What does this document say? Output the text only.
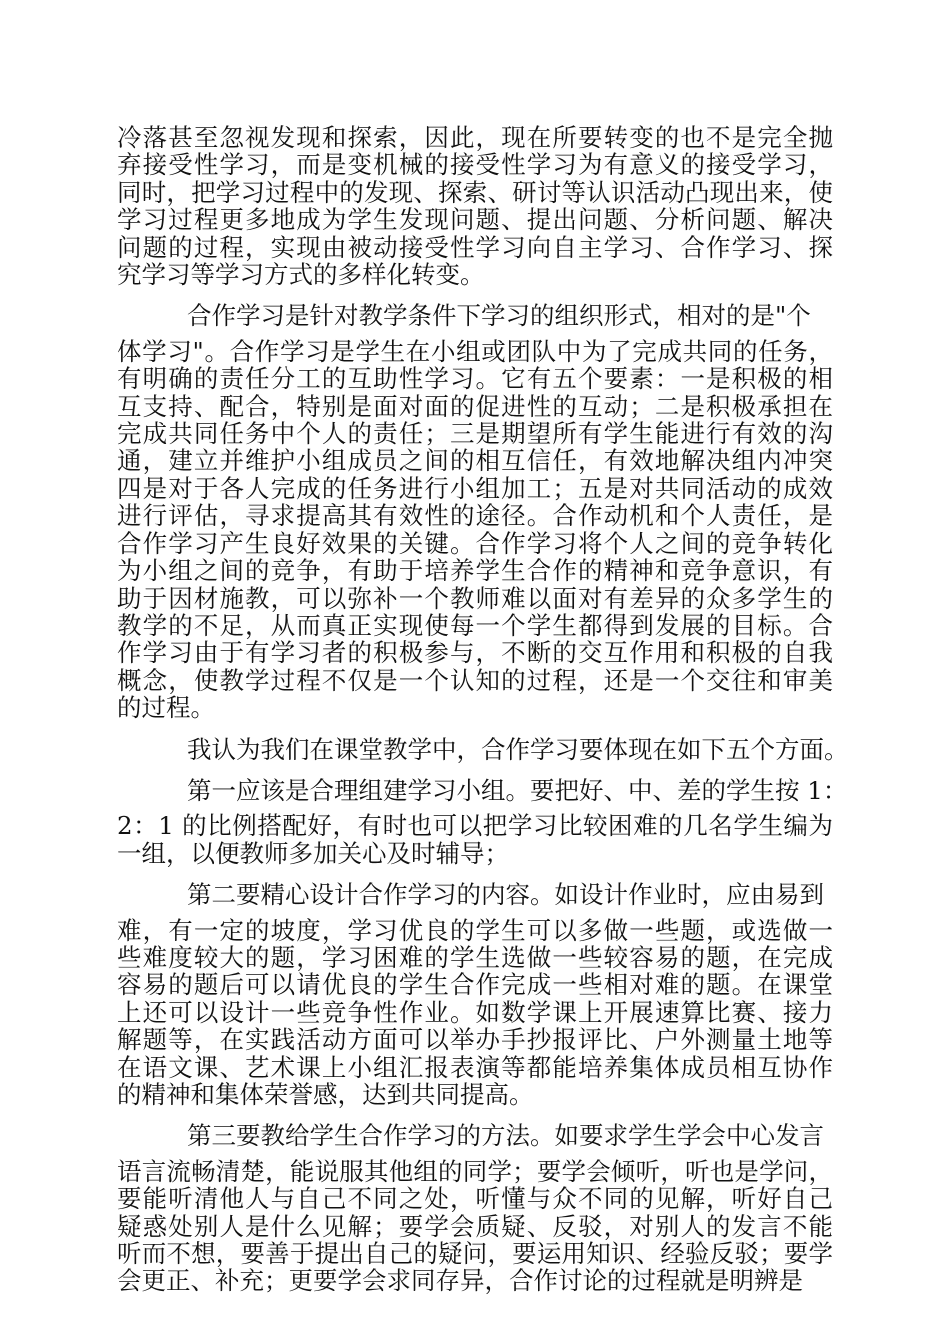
冷落甚至忽视发现和探索，因此，现在所要转变的也不是完全抛
弃接受性学习，而是变机械的接受性学习为有意义的接受学习，
同时，把学习过程中的发现、探索、研讨等认识活动凸现出来，使
学习过程更多地成为学生发现问题、提出问题、分析问题、解决
问题的过程，实现由被动接受性学习向自主学习、合作学习、探
究学习等学习方式的多样化转变。

合作学习是针对教学条件下学习的组织形式，相对的是"个
体学习"。合作学习是学生在小组或团队中为了完成共同的任务，
有明确的责任分工的互助性学习。它有五个要素：一是积极的相
互支持、配合，特别是面对面的促进性的互动；二是积极承担在
完成共同任务中个人的责任；三是期望所有学生能进行有效的沟
通，建立并维护小组成员之间的相互信任，有效地解决组内冲突
四是对于各人完成的任务进行小组加工；五是对共同活动的成效
进行评估，寻求提高其有效性的途径。合作动机和个人责任，是
合作学习产生良好效果的关键。合作学习将个人之间的竞争转化
为小组之间的竞争，有助于培养学生合作的精神和竞争意识，有
助于因材施教，可以弥补一个教师难以面对有差异的众多学生的
教学的不足，从而真正实现使每一个学生都得到发展的目标。合
作学习由于有学习者的积极参与，不断的交互作用和积极的自我
概念，使教学过程不仅是一个认知的过程，还是一个交往和审美
的过程。

我认为我们在课堂教学中，合作学习要体现在如下五个方面。

第一应该是合理组建学习小组。要把好、中、差的学生按 1：
2：1 的比例搭配好，有时也可以把学习比较困难的几名学生编为
一组，以便教师多加关心及时辅导；

第二要精心设计合作学习的内容。如设计作业时，应由易到
难，有一定的坡度，学习优良的学生可以多做一些题，或选做一
些难度较大的题，学习困难的学生选做一些较容易的题，在完成
容易的题后可以请优良的学生合作完成一些相对难的题。在课堂
上还可以设计一些竞争性作业。如数学课上开展速算比赛、接力
解题等，在实践活动方面可以举办手抄报评比、户外测量土地等
在语文课、艺术课上小组汇报表演等都能培养集体成员相互协作
的精神和集体荣誉感，达到共同提高。

第三要教给学生合作学习的方法。如要求学生学会中心发言
语言流畅清楚，能说服其他组的同学；要学会倾听，听也是学问，
要能听清他人与自己不同之处，听懂与众不同的见解，听好自己
疑惑处别人是什么见解；要学会质疑、反驳，对别人的发言不能
听而不想，要善于提出自己的疑问，要运用知识、经验反驳；要学
会更正、补充；更要学会求同存异，合作讨论的过程就是明辨是
